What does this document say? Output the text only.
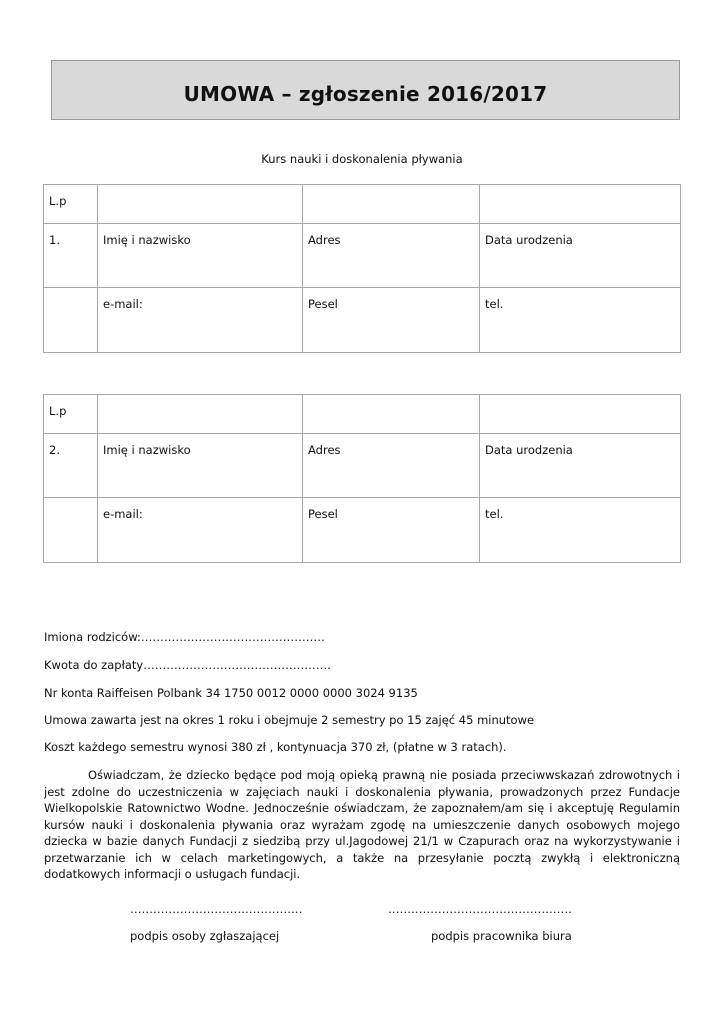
UMOWA – zgłoszenie 2016/2017
Kurs nauki i doskonalenia pływania
L.p			
1.	Imię i nazwisko	Adres	Data urodzenia
	e-mail:	Pesel	tel.
L.p			
2.	Imię i nazwisko	Adres	Data urodzenia
	e-mail:	Pesel	tel.
Imiona rodziców:…………………………………………
Kwota do zapłaty………………………………………….
Nr konta Raiffeisen Polbank 34 1750 0012 0000 0000 3024 9135
Umowa zawarta jest na okres 1 roku i obejmuje 2 semestry po 15 zajęć 45 minutowe
Koszt każdego semestru wynosi 380 zł , kontynuacja 370 zł, (płatne w 3 ratach).

Oświadczam, że dziecko będące pod moją opieką prawną nie posiada przeciwwskazań zdrowotnych i jest zdolne do uczestniczenia w zajęciach nauki i doskonalenia pływania, prowadzonych przez Fundacje Wielkopolskie Ratownictwo Wodne. Jednocześnie oświadczam, że zapoznałem/am się i akceptuję Regulamin kursów nauki i doskonalenia pływania oraz wyrażam zgodę na umieszczenie danych osobowych mojego dziecka w bazie danych Fundacji z siedzibą przy ul.Jagodowej 21/1 w Czapurach oraz na wykorzystywanie i przetwarzanie ich w celach marketingowych, a także na przesyłanie pocztą zwykłą i elektroniczną dodatkowych informacji o usługach fundacji.

………………………………………	…………………………………………
podpis osoby zgłaszającej	podpis pracownika biura
